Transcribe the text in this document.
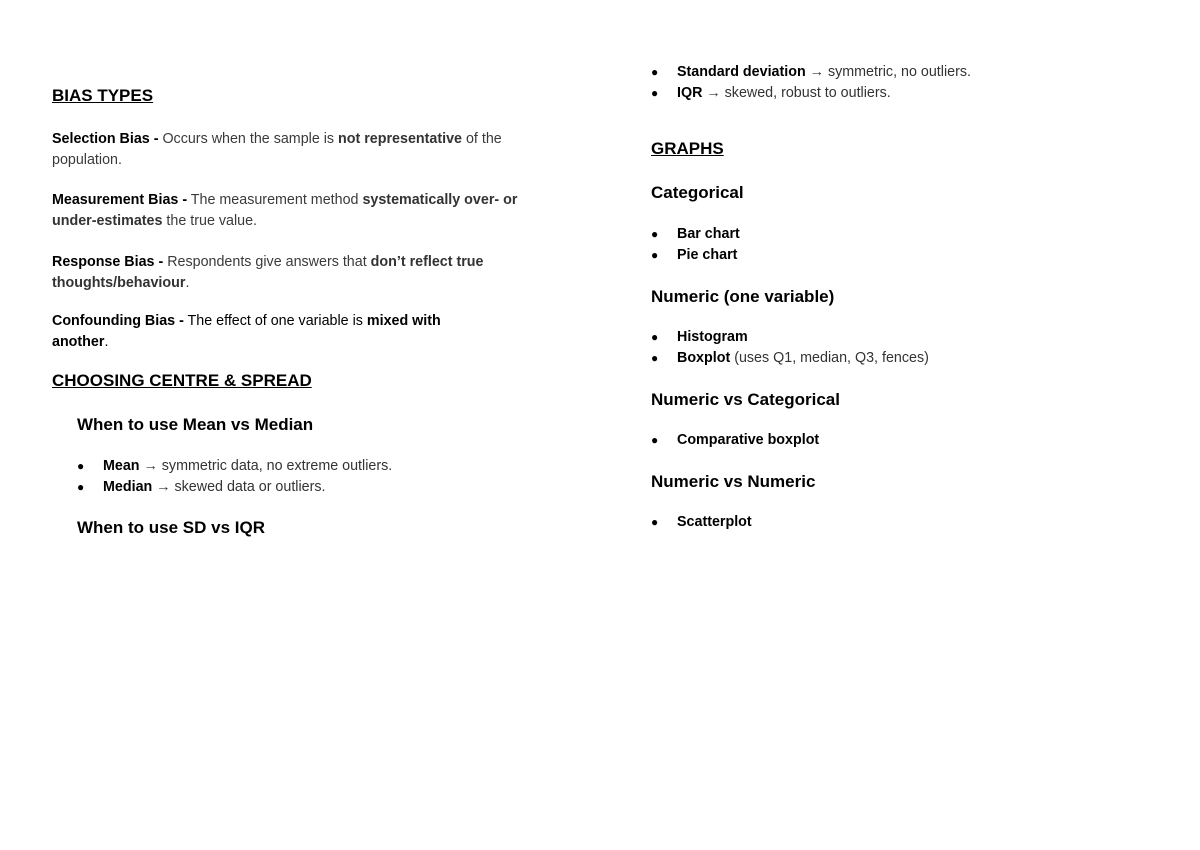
BIAS TYPES

Selection Bias - Occurs when the sample is not representative of the
population.

Measurement Bias - The measurement method systematically over- or
under-estimates the true value.

Response Bias - Respondents give answers that don’t reflect true
thoughts/behaviour.

Confounding Bias - The effect of one variable is mixed with
another.

CHOOSING CENTRE & SPREAD
When to use Mean vs Median
● Mean → symmetric data, no extreme outliers.
● Median → skewed data or outliers.
When to use SD vs IQR
● Standard deviation → symmetric, no outliers.
● IQR → skewed, robust to outliers.
GRAPHS
Categorical
● Bar chart
● Pie chart
Numeric (one variable)
● Histogram
● Boxplot (uses Q1, median, Q3, fences)
Numeric vs Categorical
● Comparative boxplot
Numeric vs Numeric
● Scatterplot
